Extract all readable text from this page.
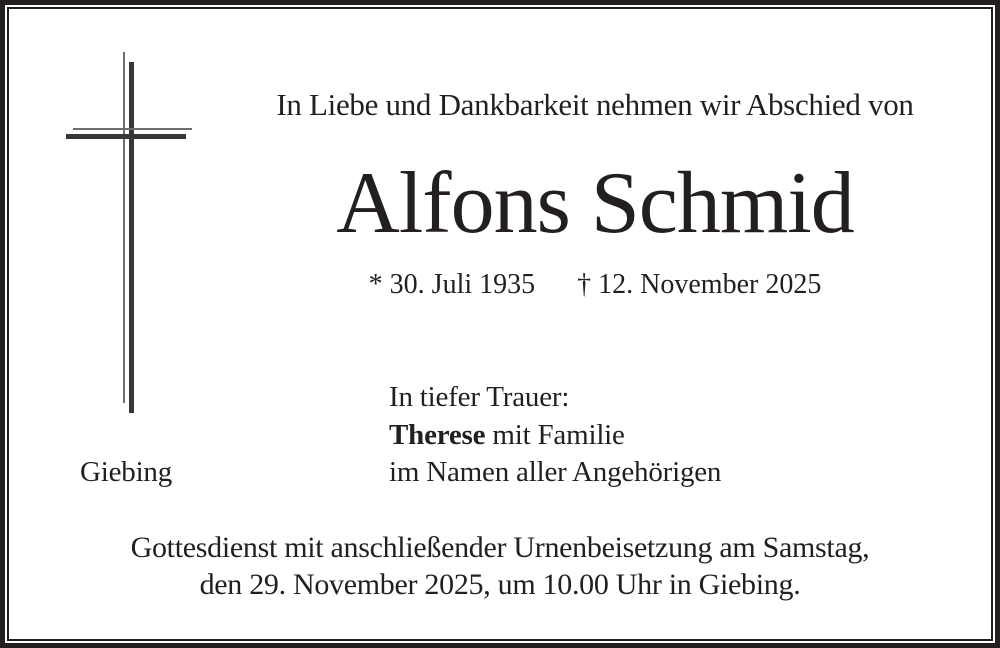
In Liebe und Dankbarkeit nehmen wir Abschied von
Alfons Schmid
* 30. Juli 1935 † 12. November 2025
In tiefer Trauer:
Therese mit Familie
im Namen aller Angehörigen
Giebing
Gottesdienst mit anschließender Urnenbeisetzung am Samstag,
den 29. November 2025, um 10.00 Uhr in Giebing.
